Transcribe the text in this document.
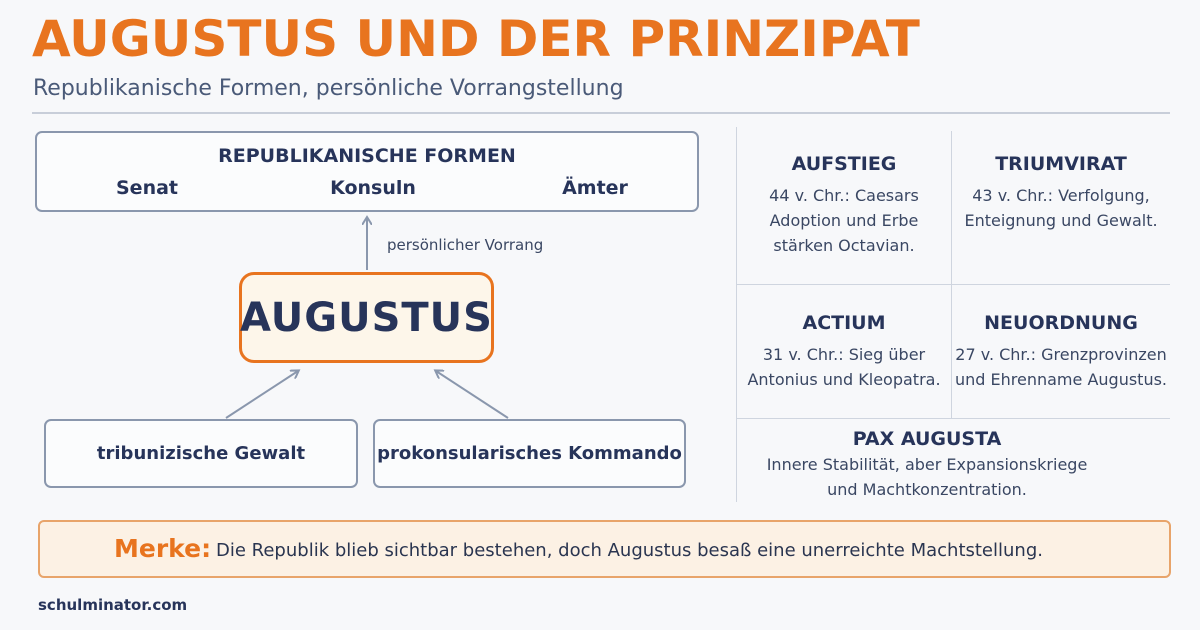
AUGUSTUS UND DER PRINZIPAT
Republikanische Formen, persönliche Vorrangstellung
REPUBLIKANISCHE FORMEN
Senat	Konsuln	Ämter
persönlicher Vorrang
AUGUSTUS
tribunizische Gewalt	prokonsularisches Kommando
AUFSTIEG
44 v. Chr.: Caesars
Adoption und Erbe
stärken Octavian.
TRIUMVIRAT
43 v. Chr.: Verfolgung,
Enteignung und Gewalt.
ACTIUM
31 v. Chr.: Sieg über
Antonius und Kleopatra.
NEUORDNUNG
27 v. Chr.: Grenzprovinzen
und Ehrenname Augustus.
PAX AUGUSTA
Innere Stabilität, aber Expansionskriege
und Machtkonzentration.
Merke: Die Republik blieb sichtbar bestehen, doch Augustus besaß eine unerreichte Machtstellung.
schulminator.com
